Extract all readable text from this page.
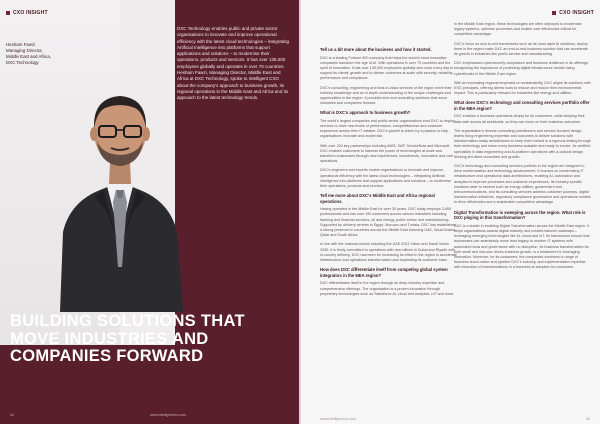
CXO INSIGHT
Hesham Fawzi
Managing Director,
Middle East and Africa,
DXC Technology
DXC Technology enables public and private sector organisations to innovate and improve operational efficiency with the latest cloud technologies – integrating Artificial Intelligence into platforms that support applications and solutions – to modernise their operations, products and services. It has over 135,000 employees globally and operates in over 70 countries. Hesham Fawzi, Managing Director, Middle East and Africa at DXC Technology, spoke to Intelligent CXO about the company's approach to business growth, its regional operations in the Middle East and Africa and its approach to the latest technology trends.
BUILDING SOLUTIONS THAT MOVE INDUSTRIES AND COMPANIES FORWARD
44	www.intelligentcxo.com
CXO INSIGHT
Tell us a bit more about the business and how it started.

DXC is a leading Fortune 500 company that helps the world's most innovative companies transform the age of AI. With operations in over 70 countries and the spirit of innovation, it has over 135,000 employees globally who work every day to support its clients' growth and to deliver outcomes at scale with security, reliability, performance and compliance.

DXC's consulting, engineering and best-in-class services of the region meet their industry knowledge and an in-depth understanding of the unique challenges and opportunities in the region. It provides tech and consulting solutions that move industries and companies forward.

What is DXC's approach to business growth?

The world's largest companies and public sector organisations trust DXC to deploy services to drive new levels of performance, competitiveness and customer experience across their IT estates. DXC's growth is driven by a passion to help organisations innovate and modernise.

With over 200 key partnerships including AWS, SAP, ServiceNow and Microsoft, DXC enables customers to harness the power of technologies at scale and transform businesses through new experiences, investments, innovation and core operations.

DXC's engineers and experts enable organisations to innovate and improve operational efficiency with the latest cloud technologies – integrating Artificial Intelligence into platforms that support applications and solutions – to modernise their operations, products and services.

Tell me more about DXC's Middle East and Africa regional operations.

Having operated in the Middle East for over 30 years, DXC today employs 3,600 professionals and has over 190 customers across various industries including banking and financial services, oil and energy, public sector and manufacturing. Supported by delivery centres in Egypt, Morocco and Tunisia, DXC has established a strong presence in countries across the Middle East including UAE, Saudi Arabia, Qatar and South Africa.

In line with the national visions including the UAE 2031 Vision and Saudi Vision 2030, it is firmly committed to operations with new offices in Dubai and Riyadh with in-country delivery, DXC has been for increasing its effect in the region to accelerate infrastructure and operations transformation and expanding its customer base.

How does DXC differentiate itself from competing global system integrators in the MEA region?

DXC differentiates itself in the region through its deep industry expertise and comprehensive offerings. The organisation is a proven innovation through proprietary technologies such as Salesforce AI, cloud and analytics, IoT and more.

In the Middle East region, these technologies are often deployed to modernise legacy systems, optimise processes and enable core efficiencies critical for competitive advantage.

DXC's focus on end-to-end frameworks such as its most rapid AI solutions, deploy them in the region make DXC an end-to-end business solution that can accelerate its growth in industries like public service and manufacturing.

DXC emphasises cybersecurity compliance and business resilience in its offerings, recognising the importance of protecting digital infrastructure amidst rising cyberthreats in the Middle East region.

With an increasing regional emphasis on sustainability, DXC aligns its solutions with ESG principles, offering clients tools to reduce and reduce their environmental impact. This is particularly relevant for industries like energy and utilities.

What does DXC's technology and consulting services portfolio offer in the MEA region?

DXC enables a business operations simply for its customers, while keeping their data safe across all workloads, so they can focus on their business outcomes.

The organisation's diverse consulting practitioners and service-focused design teams bring engineering expertise and outcomes to deliver solutions with transformation-ready architectures to keep them locked in a rigorous testing through their technology and leave every business scalable and ready to evolve. Its certified specialists in data engineering and AI-platform operations with a cultural design thinking led client consultant and growth.

DXC's technology and consulting services portfolio in the region are designed to drive modernisation and technology advancement. It focuses on modernising IT infrastructure and operational data architectures, enabling AI, automation and analytics to improve processes and customer experiences. Its industry-specific solutions cater to sectors such as energy utilities, government and telecommunications, and its consulting services address customer journeys, digital transformation initiatives, regulatory compliance governance and operations models to drive efficiencies and a sustainable competitive advantage.

Digital Transformation is sweeping across the region. What role is DXC playing in this transformation?

DXC is a leader in enabling Digital Transformation across the Middle East region. It helps organisations assess digital maturity and creates tailored roadmaps – leveraging emerging technologies like AI, cloud and IoT. Its frameworks ensure that businesses can seamlessly move from legacy to modern IT systems with automated tools and governance with no disruption. Its business transformation for both small and mid-size drives business growth, is a testament for leveraging innovation. Moreover, for its customers, the companies combined a range of business cloud-native and pipeline DXC's industry, and implementation expertise with execution of transformations in a business at adoption for customers.

www.intelligentcxo.com	45
